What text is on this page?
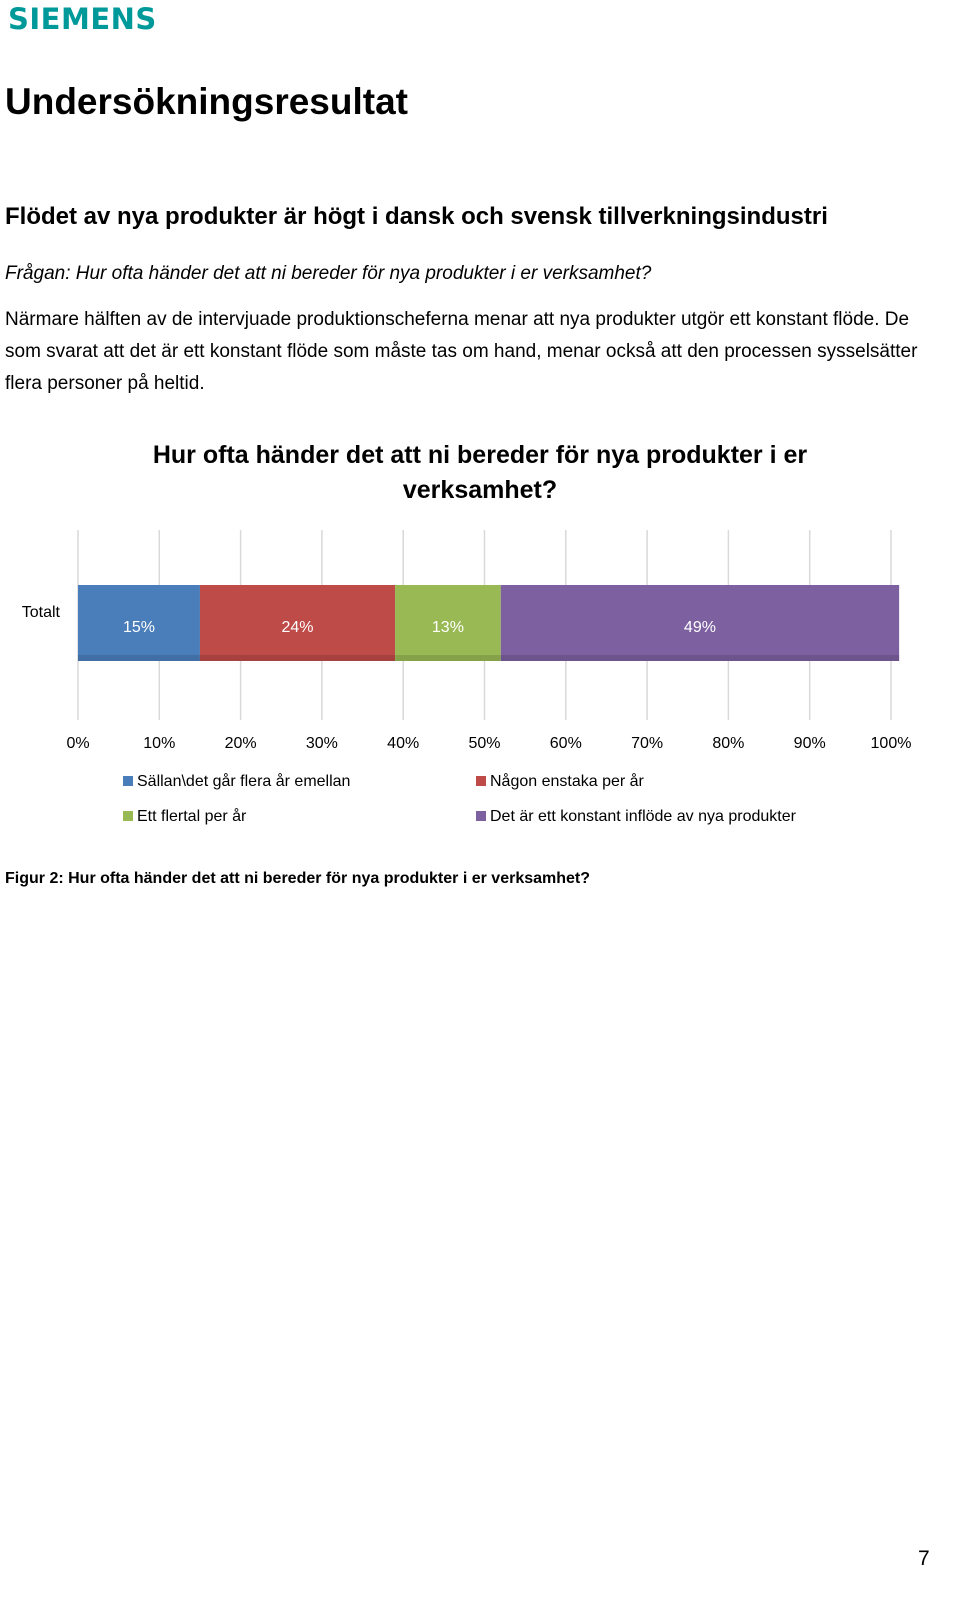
SIEMENS
Undersökningsresultat
Flödet av nya produkter är högt i dansk och svensk tillverkningsindustri

Frågan: Hur ofta händer det att ni bereder för nya produkter i er verksamhet?

Närmare hälften av de intervjuade produktionscheferna menar att nya produkter utgör ett konstant flöde. De som svarat att det är ett konstant flöde som måste tas om hand, menar också att den processen sysselsätter flera personer på heltid.

Hur ofta händer det att ni bereder för nya produkter i er verksamhet?
0%	10%	20%	30%	40%	50%	60%	70%	80%	90%	100%
Totalt
15%	24%	13%	49%
Sällan\det går flera år emellan	Någon enstaka per år
Ett flertal per år	Det är ett konstant inflöde av nya produkter

Figur 2: Hur ofta händer det att ni bereder för nya produkter i er verksamhet?

7
